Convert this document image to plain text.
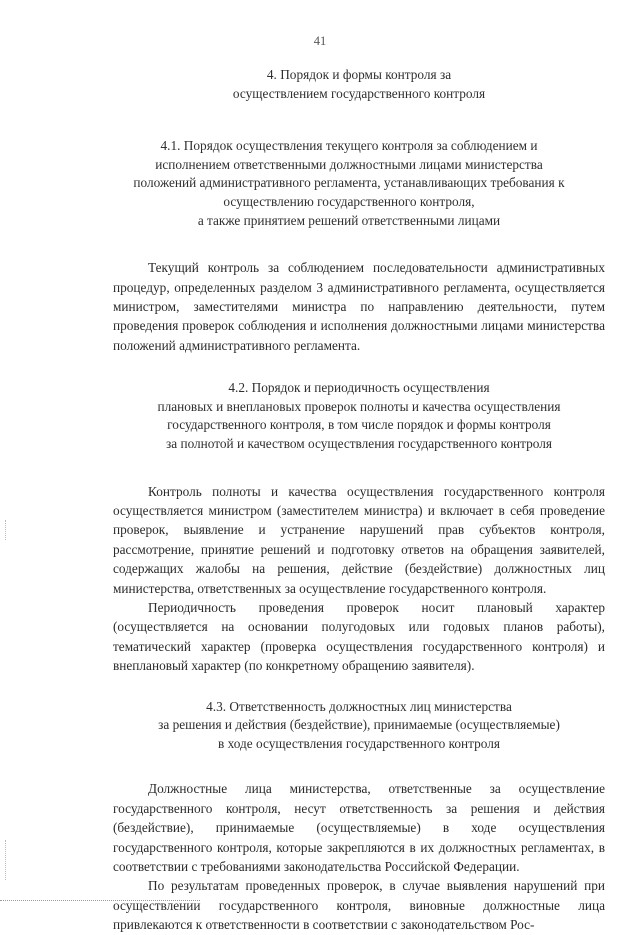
41
4. Порядок и формы контроля за
осуществлением государственного контроля
4.1. Порядок осуществления текущего контроля за соблюдением и
исполнением ответственными должностными лицами министерства
положений административного регламента, устанавливающих требования к
осуществлению государственного контроля,
а также принятием решений ответственными лицами

Текущий контроль за соблюдением последовательности административных процедур, определенных разделом 3 административного регламента, осуществляется министром, заместителями министра по направлению деятельности, путем проведения проверок соблюдения и исполнения должностными лицами министерства положений административного регламента.

4.2. Порядок и периодичность осуществления
плановых и внеплановых проверок полноты и качества осуществления
государственного контроля, в том числе порядок и формы контроля
за полнотой и качеством осуществления государственного контроля

Контроль полноты и качества осуществления государственного контроля осуществляется министром (заместителем министра) и включает в себя проведение проверок, выявление и устранение нарушений прав субъектов контроля, рассмотрение, принятие решений и подготовку ответов на обращения заявителей, содержащих жалобы на решения, действие (бездействие) должностных лиц министерства, ответственных за осуществление государственного контроля.

Периодичность проведения проверок носит плановый характер (осуществляется на основании полугодовых или годовых планов работы), тематический характер (проверка осуществления государственного контроля) и внеплановый характер (по конкретному обращению заявителя).

4.3. Ответственность должностных лиц министерства
за решения и действия (бездействие), принимаемые (осуществляемые)
в ходе осуществления государственного контроля

Должностные лица министерства, ответственные за осуществление государственного контроля, несут ответственность за решения и действия (бездействие), принимаемые (осуществляемые) в ходе осуществления государственного контроля, которые закрепляются в их должностных регламентах, в соответствии с требованиями законодательства Российской Федерации.

По результатам проведенных проверок, в случае выявления нарушений при осуществлении государственного контроля, виновные должностные лица привлекаются к ответственности в соответствии с законодательством Рос-
